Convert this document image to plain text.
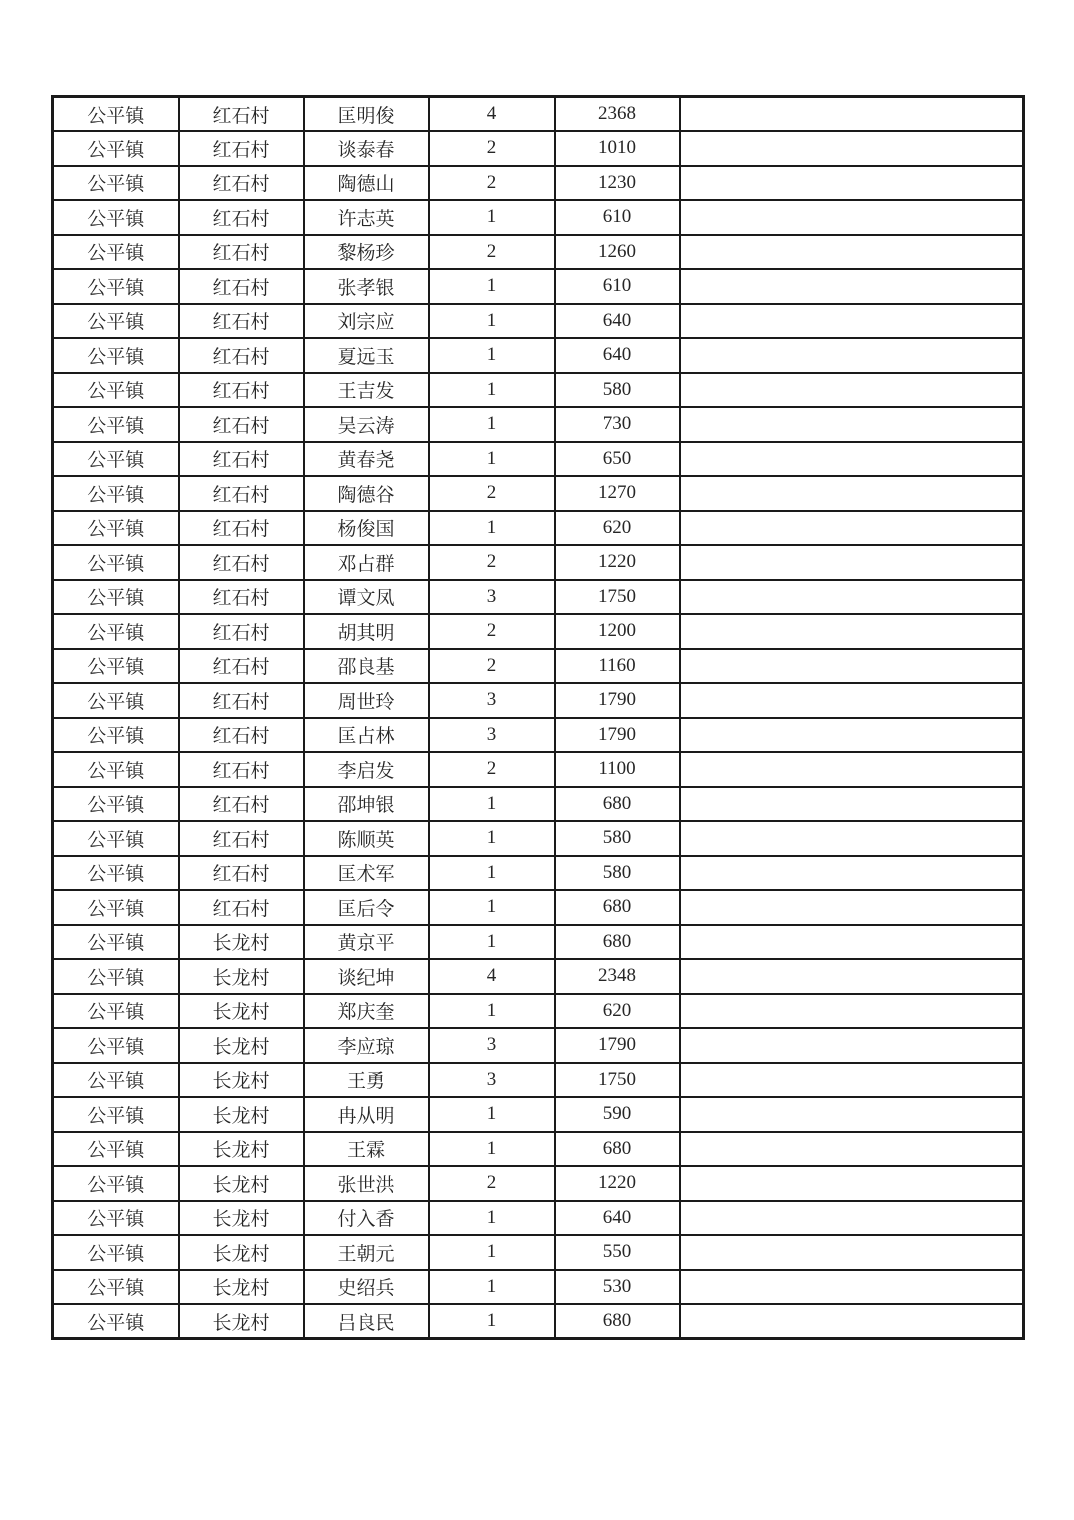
公平镇	红石村	匡明俊	4	2368	
公平镇	红石村	谈泰春	2	1010	
公平镇	红石村	陶德山	2	1230	
公平镇	红石村	许志英	1	610	
公平镇	红石村	黎杨珍	2	1260	
公平镇	红石村	张孝银	1	610	
公平镇	红石村	刘宗应	1	640	
公平镇	红石村	夏远玉	1	640	
公平镇	红石村	王吉发	1	580	
公平镇	红石村	吴云涛	1	730	
公平镇	红石村	黄春尧	1	650	
公平镇	红石村	陶德谷	2	1270	
公平镇	红石村	杨俊国	1	620	
公平镇	红石村	邓占群	2	1220	
公平镇	红石村	谭文凤	3	1750	
公平镇	红石村	胡其明	2	1200	
公平镇	红石村	邵良基	2	1160	
公平镇	红石村	周世玲	3	1790	
公平镇	红石村	匡占林	3	1790	
公平镇	红石村	李启发	2	1100	
公平镇	红石村	邵坤银	1	680	
公平镇	红石村	陈顺英	1	580	
公平镇	红石村	匡术军	1	580	
公平镇	红石村	匡后令	1	680	
公平镇	长龙村	黄京平	1	680	
公平镇	长龙村	谈纪坤	4	2348	
公平镇	长龙村	郑庆奎	1	620	
公平镇	长龙村	李应琼	3	1790	
公平镇	长龙村	王勇	3	1750	
公平镇	长龙村	冉从明	1	590	
公平镇	长龙村	王霖	1	680	
公平镇	长龙村	张世洪	2	1220	
公平镇	长龙村	付入香	1	640	
公平镇	长龙村	王朝元	1	550	
公平镇	长龙村	史绍兵	1	530	
公平镇	长龙村	吕良民	1	680	
